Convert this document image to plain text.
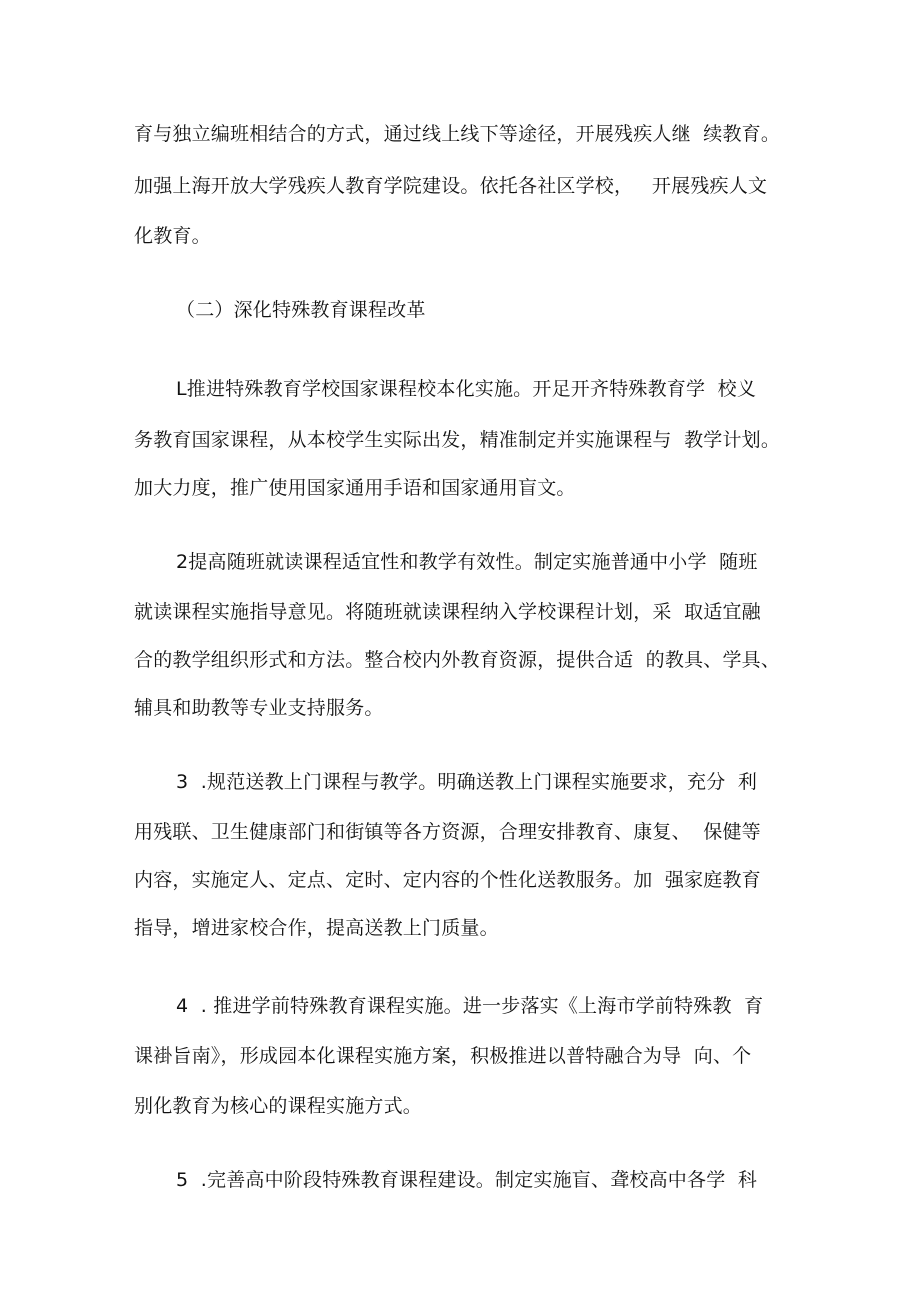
育与独立编班相结合的方式，通过线上线下等途径，开展残疾人继  续教育。
加强上海开放大学残疾人教育学院建设。依托各社区学校，   开展残疾人文
化教育。
（二）深化特殊教育课程改革
L推进特殊教育学校国家课程校本化实施。开足开齐特殊教育学  校义
务教育国家课程，从本校学生实际出发，精准制定并实施课程与  教学计划。
加大力度，推广使用国家通用手语和国家通用盲文。
2提高随班就读课程适宜性和教学有效性。制定实施普通中小学  随班
就读课程实施指导意见。将随班就读课程纳入学校课程计划，采  取适宜融
合的教学组织形式和方法。整合校内外教育资源，提供合适  的教具、学具、
辅具和助教等专业支持服务。
3  .规范送教上门课程与教学。明确送教上门课程实施要求，充分  利
用残联、卫生健康部门和街镇等各方资源，合理安排教育、康复、  保健等
内容，实施定人、定点、定时、定内容的个性化送教服务。加  强家庭教育
指导，增进家校合作，提高送教上门质量。
4  . 推进学前特殊教育课程实施。进一步落实《上海市学前特殊教  育
课褂旨南》，形成园本化课程实施方案，积极推进以普特融合为导  向、个
别化教育为核心的课程实施方式。
5  .完善高中阶段特殊教育课程建设。制定实施盲、聋校高中各学  科
